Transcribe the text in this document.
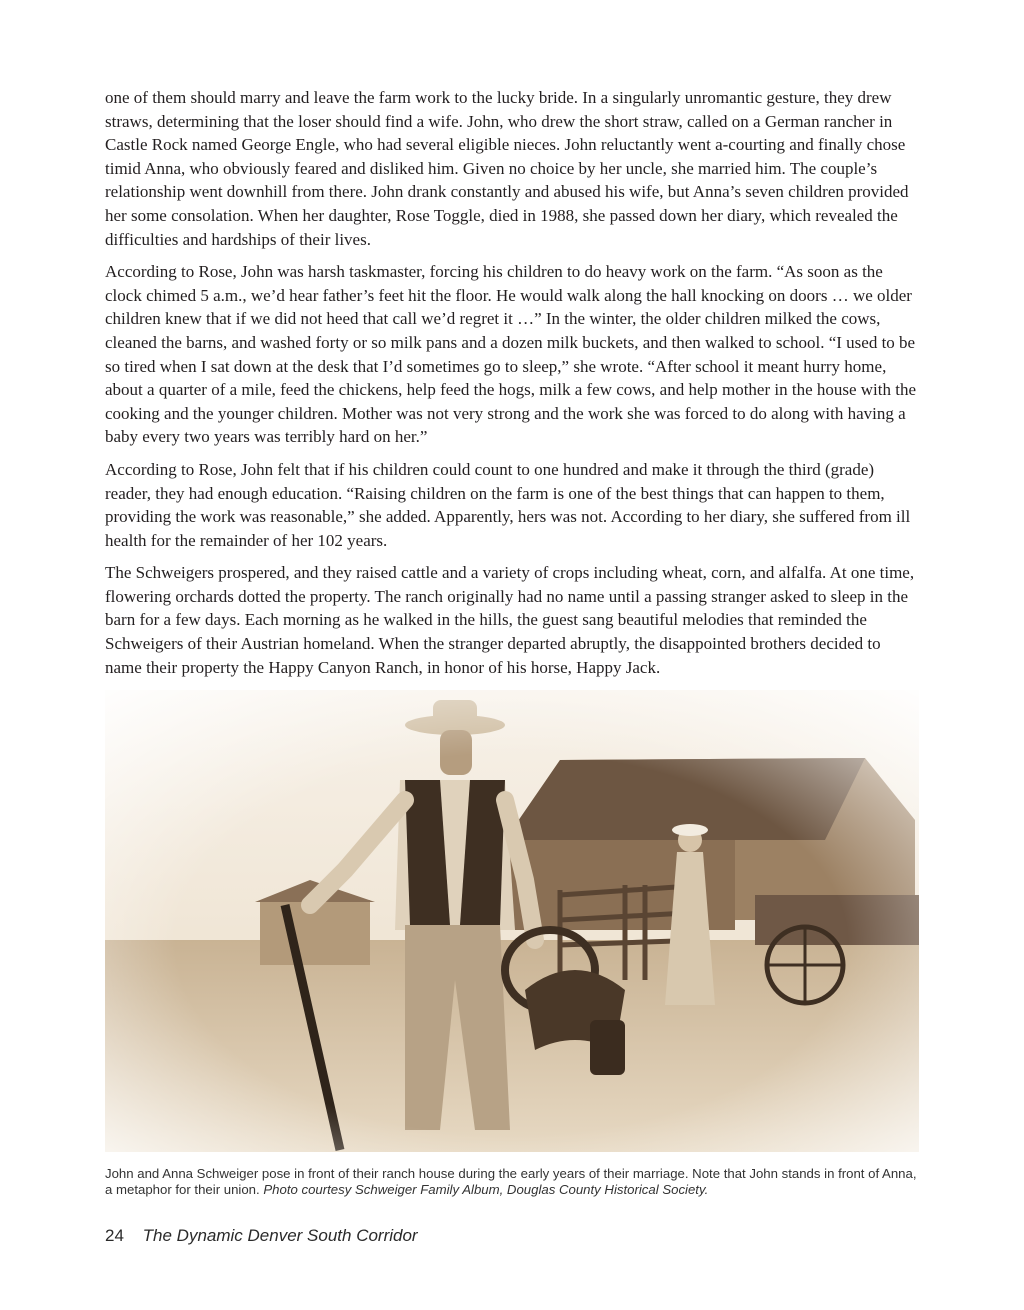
one of them should marry and leave the farm work to the lucky bride. In a singularly unromantic gesture, they drew straws, determining that the loser should find a wife. John, who drew the short straw, called on a German rancher in Castle Rock named George Engle, who had several eligible nieces. John reluctantly went a-courting and finally chose timid Anna, who obviously feared and disliked him. Given no choice by her uncle, she married him. The couple’s relationship went downhill from there. John drank constantly and abused his wife, but Anna’s seven children provided her some consolation. When her daughter, Rose Toggle, died in 1988, she passed down her diary, which revealed the difficulties and hardships of their lives.

According to Rose, John was harsh taskmaster, forcing his children to do heavy work on the farm. “As soon as the clock chimed 5 a.m., we’d hear father’s feet hit the floor. He would walk along the hall knocking on doors … we older children knew that if we did not heed that call we’d regret it …” In the winter, the older children milked the cows, cleaned the barns, and washed forty or so milk pans and a dozen milk buckets, and then walked to school. “I used to be so tired when I sat down at the desk that I’d sometimes go to sleep,” she wrote. “After school it meant hurry home, about a quarter of a mile, feed the chickens, help feed the hogs, milk a few cows, and help mother in the house with the cooking and the younger children. Mother was not very strong and the work she was forced to do along with having a baby every two years was terribly hard on her.”

According to Rose, John felt that if his children could count to one hundred and make it through the third (grade) reader, they had enough education. “Raising children on the farm is one of the best things that can happen to them, providing the work was reasonable,” she added. Apparently, hers was not. According to her diary, she suffered from ill health for the remainder of her 102 years.

The Schweigers prospered, and they raised cattle and a variety of crops including wheat, corn, and alfalfa. At one time, flowering orchards dotted the property. The ranch originally had no name until a passing stranger asked to sleep in the barn for a few days. Each morning as he walked in the hills, the guest sang beautiful melodies that reminded the Schweigers of their Austrian homeland. When the stranger departed abruptly, the disappointed brothers decided to name their property the Happy Canyon Ranch, in honor of his horse, Happy Jack.

John and Anna Schweiger pose in front of their ranch house during the early years of their marriage. Note that John stands in front of Anna, a metaphor for their union. Photo courtesy Schweiger Family Album, Douglas County Historical Society.
24 The Dynamic Denver South Corridor
